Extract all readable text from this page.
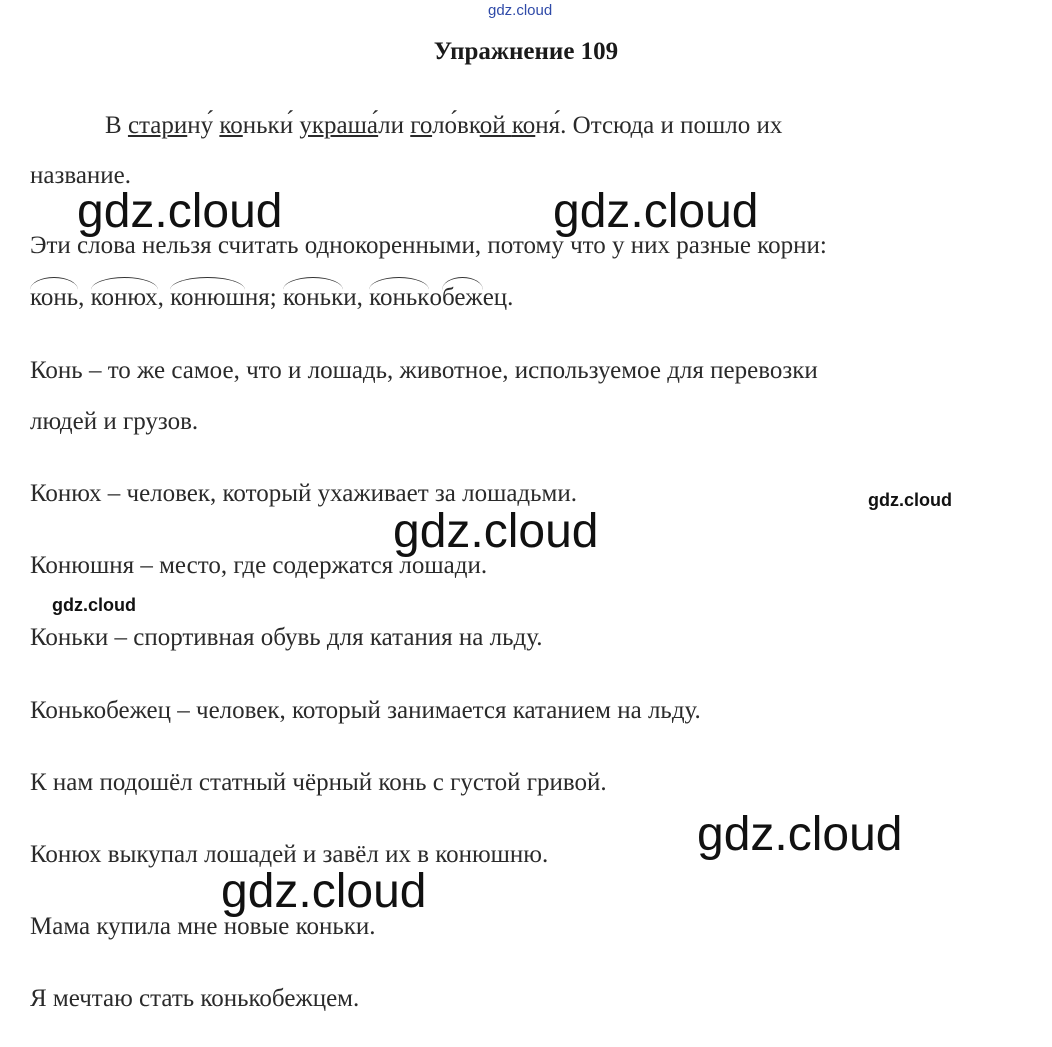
gdz.cloud
Упражнение 109
В старину́ коньки́ украша́ли голо́вкой коня́. Отсюда и пошло их
название.
Эти слова нельзя считать однокоренными, потому что у них разные корни:
конь, конюх, конюшня; коньки, конькобежец.
Конь – то же самое, что и лошадь, животное, используемое для перевозки
людей и грузов.
Конюх – человек, который ухаживает за лошадьми.
Конюшня – место, где содержатся лошади.
Коньки – спортивная обувь для катания на льду.
Конькобежец – человек, который занимается катанием на льду.
К нам подошёл статный чёрный конь с густой гривой.
Конюх выкупал лошадей и завёл их в конюшню.
Мама купила мне новые коньки.
Я мечтаю стать конькобежцем.
gdz.cloud	gdz.cloud
gdz.cloud
gdz.cloud
gdz.cloud
gdz.cloud
gdz.cloud
